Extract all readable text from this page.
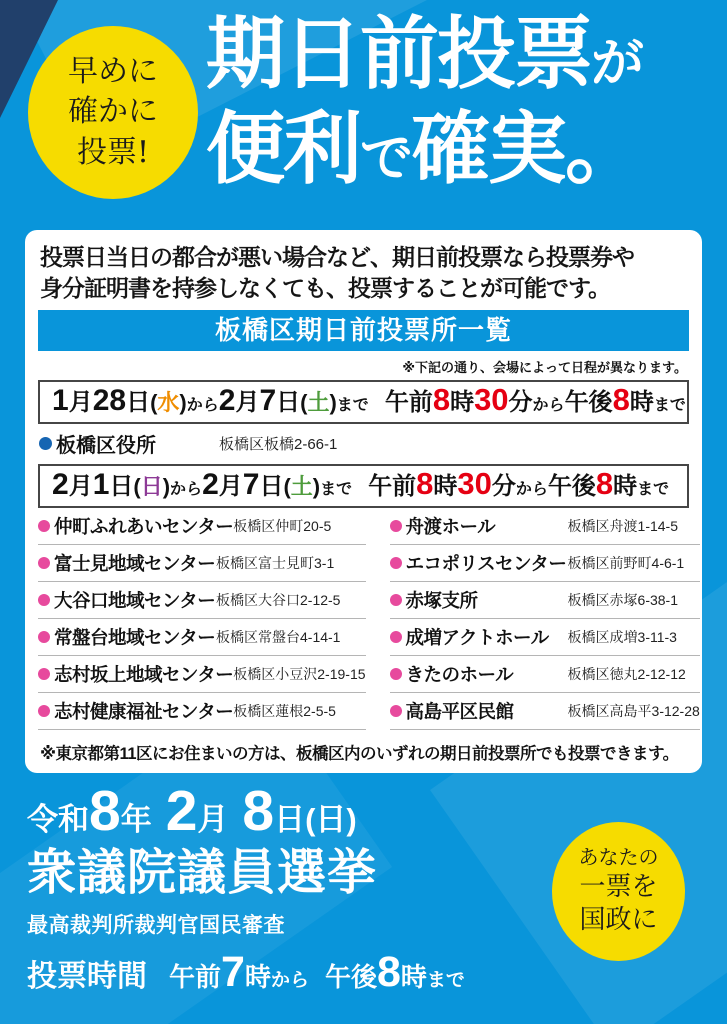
早めに
確かに
投票!
期日前投票が
便利で確実。

投票日当日の都合が悪い場合など、期日前投票なら投票券や
身分証明書を持参しなくても、投票することが可能です。

板橋区期日前投票所一覧
※下記の通り、会場によって日程が異なります。
1月28日(水)から2月7日(土)まで 午前8時30分から午後8時まで
板橋区役所	板橋区板橋2-66-1
2月1日(日)から2月7日(土)まで 午前8時30分から午後8時まで
仲町ふれあいセンター 板橋区仲町20-5
富士見地域センター 板橋区富士見町3-1
大谷口地域センター 板橋区大谷口2-12-5
常盤台地域センター 板橋区常盤台4-14-1
志村坂上地域センター 板橋区小豆沢2-19-15
志村健康福祉センター 板橋区蓮根2-5-5
舟渡ホール	板橋区舟渡1-14-5
エコポリスセンター 板橋区前野町4-6-1
赤塚支所	板橋区赤塚6-38-1
成増アクトホール	板橋区成増3-11-3
きたのホール	板橋区徳丸2-12-12
高島平区民館	板橋区高島平3-12-28

※東京都第11区にお住まいの方は、板橋区内のいずれの期日前投票所でも投票できます。

令和8年 2月 8日(日)
衆議院議員選挙
最高裁判所裁判官国民審査
投票時間 午前7時から 午後8時まで
あなたの
一票を
国政に
